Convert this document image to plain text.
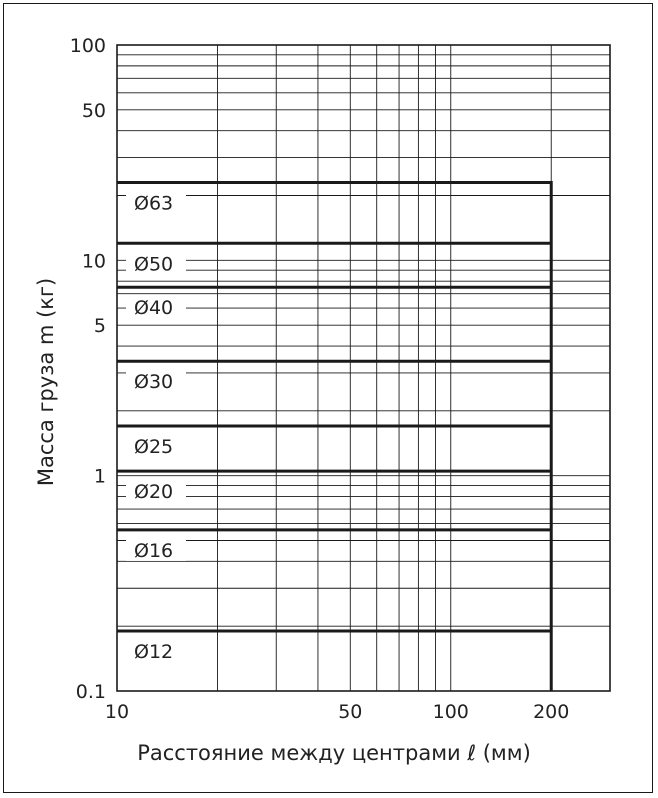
10	50	100	200
0.1
1
5
10
50
100
Ø63
Ø50
Ø40
Ø30
Ø25
Ø20
Ø16
Ø12
Расстояние между центрами ℓ (мм)
Масса груза m (кг)
